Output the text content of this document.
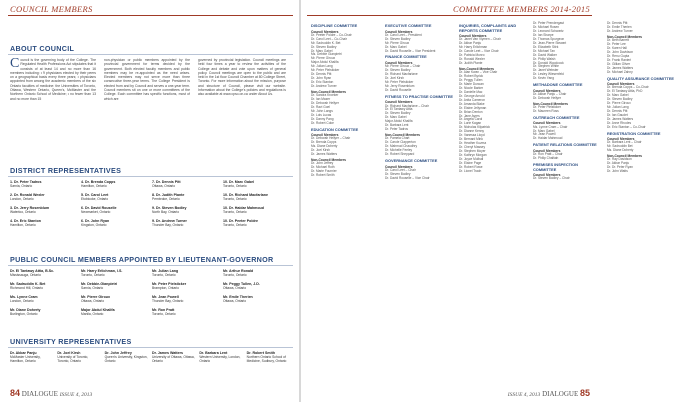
COUNCIL MEMBERS
ABOUT COUNCIL
C ouncil is the governing body of the College. The Regulated Health Professions Act stipulates that it consists of at least 14 and no more than 16 members including: • 9 physicians elected by their peers on a geographical basis every three years; • physicians appointed from among the academic members of the six Ontario faculties of medicine: the Universities of Toronto, Ottawa, Western Ontario, Queen's, McMaster and the Northern Ontario School of Medicine; • no fewer than 13 and no more than 15
non-physician or public members appointed by the provincial government for terms decided by the government. Both elected faculty members and public members may be re-appointed as the need arises. Elected members may not serve more than three consecutive three-year terms. The College President is elected from and by Council and serves a one-year term. Council members sit on one or more committees of the College. Each committee has specific functions, most of which are
governed by provincial legislation. Council meetings are held four times a year to review the activities of the College and debate and vote upon matters of general policy. Council meetings are open to the public and are held in the 1st floor Council Chamber at 80 College Street, Toronto. For more information about the mission, purpose and structure of Council, please visit our website. Information about the College's policies and regulations is also available at www.cpso.on.ca under About Us.
DISTRICT REPRESENTATIVES
1. Dr. Peter Tadros
Sarnia, Ontario
4. Dr. Brenda Copps
Hamilton, Ontario
7. Dr. Dennis Pitt
Ottawa, Ontario
10. Dr. Marc Gabel
Toronto, Ontario
2. Dr. Ronald Wexler
London, Ontario
5. Dr. Carol Leet
Etobicoke, Ontario
8. Dr. Judith Plante
Pembroke, Ontario
10. Dr. Richard Macfarlane
Toronto, Ontario
3. Dr. Jerry Rosenblum
Waterloo, Ontario
6. Dr. David Rouselle
Newmarket, Ontario
9. Dr. Steven Bodley
North Bay, Ontario
10. Dr. Haidar Mahmoud
Toronto, Ontario
4. Dr. Eric Stanton
Hamilton, Ontario
6. Dr. John Ryan
Kingston, Ontario
9. Dr. Andrew Turner
Thunder Bay, Ontario
10. Dr. Peeter Poldre
Toronto, Ontario
PUBLIC COUNCIL MEMBERS APPOINTED BY LIEUTENANT-GOVERNOR
Dr. El Tantawy Attia, B.Sc.
Mississauga, Ontario
Mr. Harry Erlichman, I.S.
Toronto, Ontario
Mr. Julian Lang
Toronto, Ontario
Mr. Arthur Ronald
Toronto, Ontario
Mr. Sadruddin K. Bet
Richmond Hill, Ontario
Mr. Debbie-Gianpietri
Sarnia, Ontario
Mr. Peter Pielsticker
Brampton, Ontario
Mr. Peggy Tullen, J.D.
Ottawa, Ontario
Ms. Lynne Cram
London, Ontario
Mr. Pierre Giroux
Ottawa, Ontario
Mr. Jean Powell
Thunder Bay, Ontario
Mr. Emile Therien
Ottawa, Ontario
Mr. Diane Doherty
Burlington, Ontario
Major Abdul Khalifa
Manila, Ontario
Mr. Ron Pratt
Toronto, Ontario
UNIVERSITY REPRESENTATIVES
Dr. Akbar Panju
McMaster University, Hamilton, Ontario
Dr. Joel Kirsh
University of Toronto, Toronto, Ontario
Dr. John Jeffrey
Queen's University, Kingston, Ontario
Dr. James Watters
University of Ottawa, Ottawa, Ontario
Dr. Barbara Lent
Western University, London, Ontario
Dr. Robert Smith
Northern Ontario School of Medicine, Sudbury, Ontario
84 DIALOGUE ISSUE 4, 2013
COMMITTEE MEMBERS 2014-2015
DISCIPLINE COMMITTEE
Council Members
Dr. Peeter Poldre – Co-Chair
Dr. Carol Leet – Co-Chair
Mr. Sadruddin K. Bet
Dr. Steven Bodley
Dr. Marc Gabel
Ms. Debbie Gianpietri
Mr. Pierre Giroux
Major Abdul Khalifa
Mr. Julian Lang
Mr. Peter Pielsticker
Dr. Dennis Pitt
Dr. John Ryan
Dr. Eric Stanton
Dr. Andrew Turner
Non-Council Members
Dr. Sandra Kroeker
Dr. Ian Mazer
Dr. Deborah Hellyer
Dr. Ravi Goel
Mr. John Langs
Dr. Lois Lucas
Dr. Danny Pang
Dr. Robert Coke
EDUCATION COMMITTEE
Council Members
Dr. Deborah Hellyer – Chair
Dr. Brenda Copps
Ms. Diane Doherty
Dr. Joel Kirsh
Dr. James Watters
Non-Council Members
Dr. John Jeffrey
Dr. Michael Roth
Dr. Marie Fournier
Dr. Robert Smith
EXECUTIVE COMMITTEE
Council Members
Dr. Carol Leet – President
Dr. Steven Bodley
Mr. Pierre Giroux
Dr. Marc Gabel
Dr. David Rouselle – Vice President
FINANCE COMMITTEE
Council Members
Mr. Pierre Giroux – Chair
Dr. Steven Bodley
Dr. Richard Macfarlane
Dr. Joel Kirsh
Mr. Peter Pielsticker
Mr. Jerry Rosenblum
Dr. David Rouselle
FITNESS TO PRACTISE COMMITTEE
Council Members
Dr. Richard Macfarlane – Chair
Dr. El Tantawy Attia
Dr. Steven Bodley
Dr. Marc Gabel
Major Abdul Khalifa
Dr. Barbara Lent
Dr. Peter Tadros
Non-Council Members
Dr. Pamela Chart
Dr. Carole Clapperton
Dr. Mahmud Chaudhry
Dr. Michelle Feeley
Dr. Robert Sheppard
GOVERNANCE COMMITTEE
Council Members
Dr. Carol Leet – Chair
Dr. Steven Bodley
Dr. David Rouselle – Vice Chair
INQUIRIES, COMPLAINTS AND REPORTS COMMITTEE
Council Members
Dr. Janet Van Vlymen – Chair
Dr. Akbar Panju
Mr. Harry Erlichman
Dr. Carole Leet – Vice Chair
Dr. Patricia Munro
Dr. Ronald Wexler
Dr. Judith Plante
Non-Council Members
Dr. Alan Kwan – Vice Chair
Dr. Robert Byrick
Dr. Peggy Tullen
Dr. Marie Duncan
Dr. Nicole Barker
Dr. Danielle Mac
Dr. George Arnold
Dr. Anita Cameron
Dr. Amanda Blake
Dr. Elaine Jellyman
Dr. Brian Denton
Dr. Jane Ayres
Dr. Angela Carol
Dr. Lorie Kagan
Dr. Nicholas Kilpatrick
Dr. Dianne Kenny
Dr. Vanessa Lloyd
Dr. Bernard Mink
Dr. Heather Kuzma
Dr. Cheryl Massey
Dr. Stephen Moyer
Dr. Kathryn Morgan
Dr. Joyce Mulhall
Dr. Elaine Page
Dr. Robert Rowe
Dr. Lionel Trach
Dr. Peter Prendergast
Dr. Michael Rosen
Dr. Leonard Schwartz
Dr. Ian Sharpe
Dr. Thomas Spurgeon
Dr. Jean-Pierre Stewart
Dr. Elizabeth Stirk
Dr. Michael Tan
Dr. David Walker
Dr. Philip Walsh
Dr. Donald Woodcock
Dr. Stephen White
Dr. Janet Webster
Dr. Lesley Wiesenfeld
Dr. Kevin Yang
METHADONE COMMITTEE
Council Members
Dr. Akbar Panju – Chair
Dr. Deborah Hellyer
Non-Council Members
Dr. Peter Pielsticker
Dr. Maureen Ross
OUTREACH COMMITTEE
Council Members
Ms. Lynne Cram – Chair
Dr. Marc Gabel
Mr. Jean Powell
Dr. Haidar Mahmoud
PATIENT RELATIONS COMMITTEE
Council Members
Dr. Ron Pratt – Chair
Dr. Philip Chalfain
PREMISES INSPECTION COMMITTEE
Council Members
Dr. Steven Bodley – Chair
Dr. Dennis Pitt
Dr. Emile Therien
Dr. Andrew Turner
Non-Council Members
Dr. Beth Barrett
Dr. Peter Lee
Dr. Karen Hall
Dr. John Davidson
Dr. Renu Gupta
Dr. Frank Ranieri
Dr. Gillian Oliver
Dr. James Watters
Dr. Michael Zahny
QUALITY ASSURANCE COMMITTEE
Council Members
Dr. Brenda Copps – Co-Chair
Dr. El Tantawy Attia, PhD
Dr. Marc Gabel
Dr. Steven Bodley
Dr. Pierre Giroux
Mr. Julian Lang
Dr. Dennis Pitt
Dr. Ian Gaudet
Dr. James Watters
Dr. Anne Rhodes
Dr. Eric Stanton – Co-Chair
REGISTRATION COMMITTEE
Council Members
Dr. Barbara Lent – Chair
Mr. Sadruddin Bet
Ms. Diane Doherty
Non-Council Members
Dr. Ray Davidson
Dr. Akbar Panju
Dr. Dr. Peter Ryan
Dr. John Watts
ISSUE 4, 2013 DIALOGUE 85
